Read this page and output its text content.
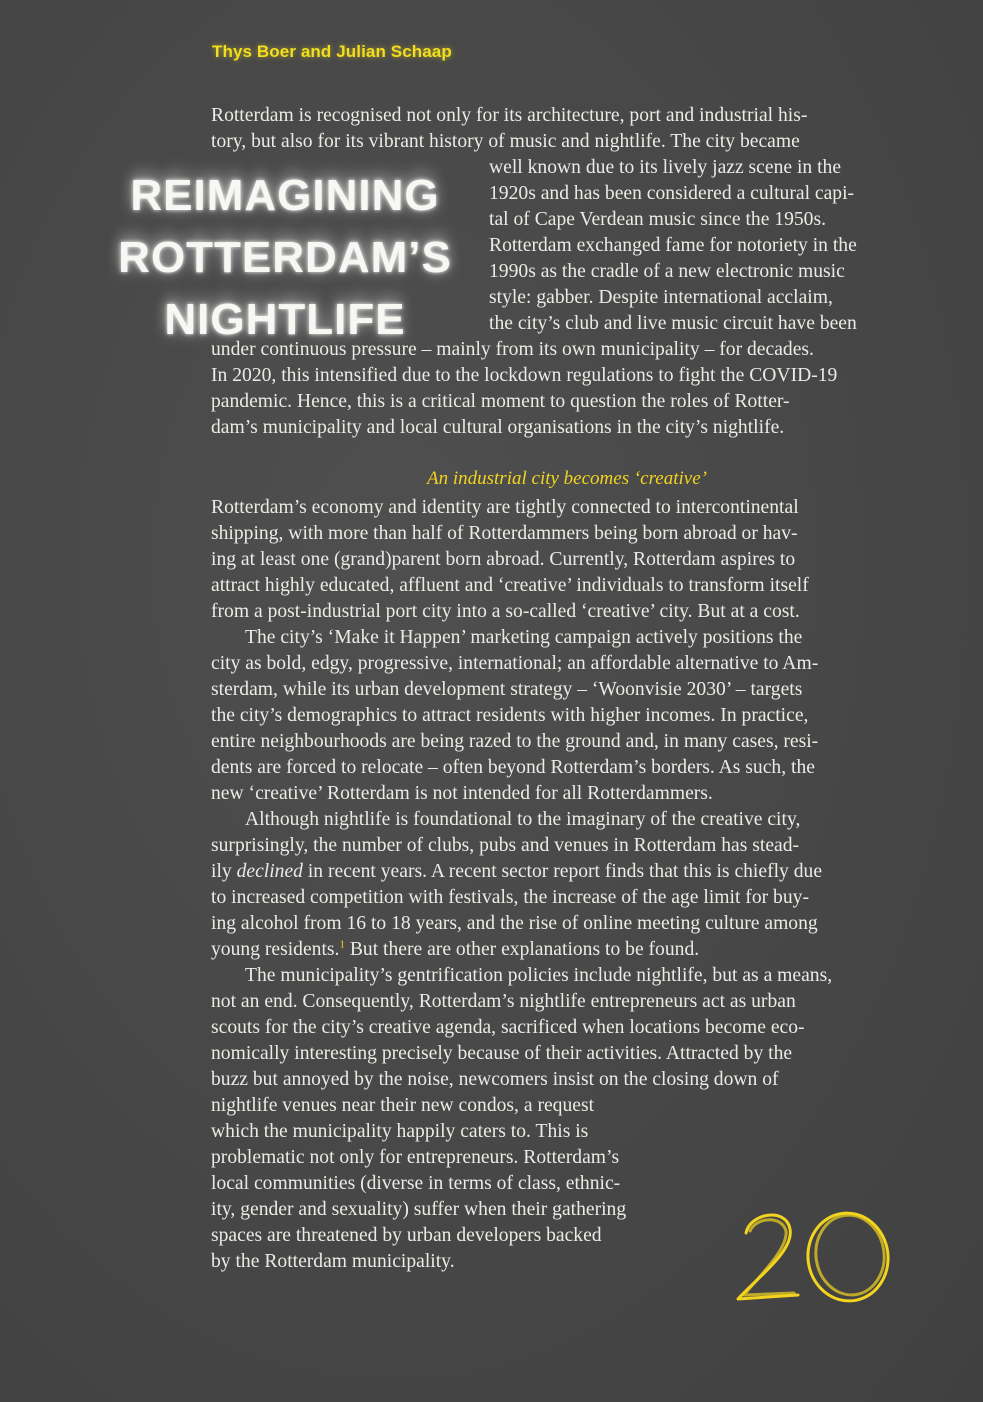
Thys Boer and Julian Schaap
REIMAGINING
ROTTERDAM’S
NIGHTLIFE
Rotterdam is recognised not only for its architecture, port and industrial his-
tory, but also for its vibrant history of music and nightlife. The city became
well known due to its lively jazz scene in the
1920s and has been considered a cultural capi-
tal of Cape Verdean music since the 1950s.
Rotterdam exchanged fame for notoriety in the
1990s as the cradle of a new electronic music
style: gabber. Despite international acclaim,
the city’s club and live music circuit have been
under continuous pressure – mainly from its own municipality – for decades.
In 2020, this intensified due to the lockdown regulations to fight the COVID-19
pandemic. Hence, this is a critical moment to question the roles of Rotter-
dam’s municipality and local cultural organisations in the city’s nightlife.
An industrial city becomes ‘creative’
Rotterdam’s economy and identity are tightly connected to intercontinental
shipping, with more than half of Rotterdammers being born abroad or hav-
ing at least one (grand)parent born abroad. Currently, Rotterdam aspires to
attract highly educated, affluent and ‘creative’ individuals to transform itself
from a post-industrial port city into a so-called ‘creative’ city. But at a cost.
The city’s ‘Make it Happen’ marketing campaign actively positions the
city as bold, edgy, progressive, international; an affordable alternative to Am-
sterdam, while its urban development strategy – ‘Woonvisie 2030’ – targets
the city’s demographics to attract residents with higher incomes. In practice,
entire neighbourhoods are being razed to the ground and, in many cases, resi-
dents are forced to relocate – often beyond Rotterdam’s borders. As such, the
new ‘creative’ Rotterdam is not intended for all Rotterdammers.
Although nightlife is foundational to the imaginary of the creative city,
surprisingly, the number of clubs, pubs and venues in Rotterdam has stead-
ily declined in recent years. A recent sector report finds that this is chiefly due
to increased competition with festivals, the increase of the age limit for buy-
ing alcohol from 16 to 18 years, and the rise of online meeting culture among
young residents.$^1$ But there are other explanations to be found.
The municipality’s gentrification policies include nightlife, but as a means,
not an end. Consequently, Rotterdam’s nightlife entrepreneurs act as urban
scouts for the city’s creative agenda, sacrificed when locations become eco-
nomically interesting precisely because of their activities. Attracted by the
buzz but annoyed by the noise, newcomers insist on the closing down of
nightlife venues near their new condos, a request
which the municipality happily caters to. This is
problematic not only for entrepreneurs. Rotterdam’s
local communities (diverse in terms of class, ethnic-
ity, gender and sexuality) suffer when their gathering
spaces are threatened by urban developers backed
by the Rotterdam municipality.
